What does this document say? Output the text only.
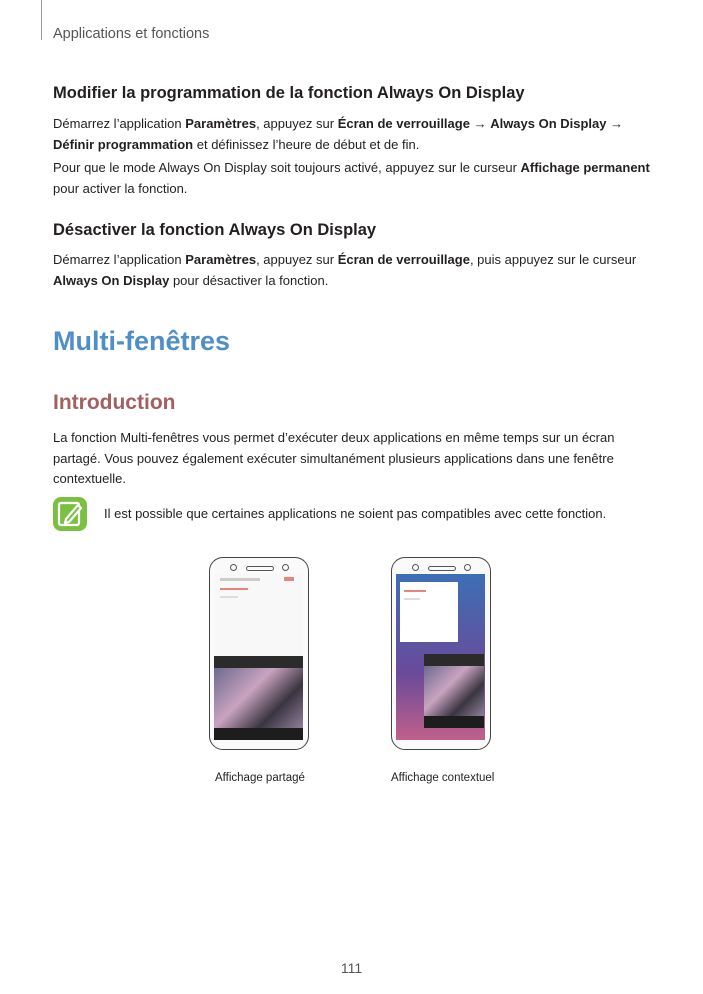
Applications et fonctions
Modifier la programmation de la fonction Always On Display

Démarrez l’application Paramètres, appuyez sur Écran de verrouillage → Always On Display → Définir programmation et définissez l’heure de début et de fin.

Pour que le mode Always On Display soit toujours activé, appuyez sur le curseur Affichage permanent pour activer la fonction.

Désactiver la fonction Always On Display

Démarrez l’application Paramètres, appuyez sur Écran de verrouillage, puis appuyez sur le curseur Always On Display pour désactiver la fonction.

Multi-fenêtres
Introduction

La fonction Multi-fenêtres vous permet d’exécuter deux applications en même temps sur un écran partagé. Vous pouvez également exécuter simultanément plusieurs applications dans une fenêtre contextuelle.

Il est possible que certaines applications ne soient pas compatibles avec cette fonction.
Affichage partagé	Affichage contextuel
111
